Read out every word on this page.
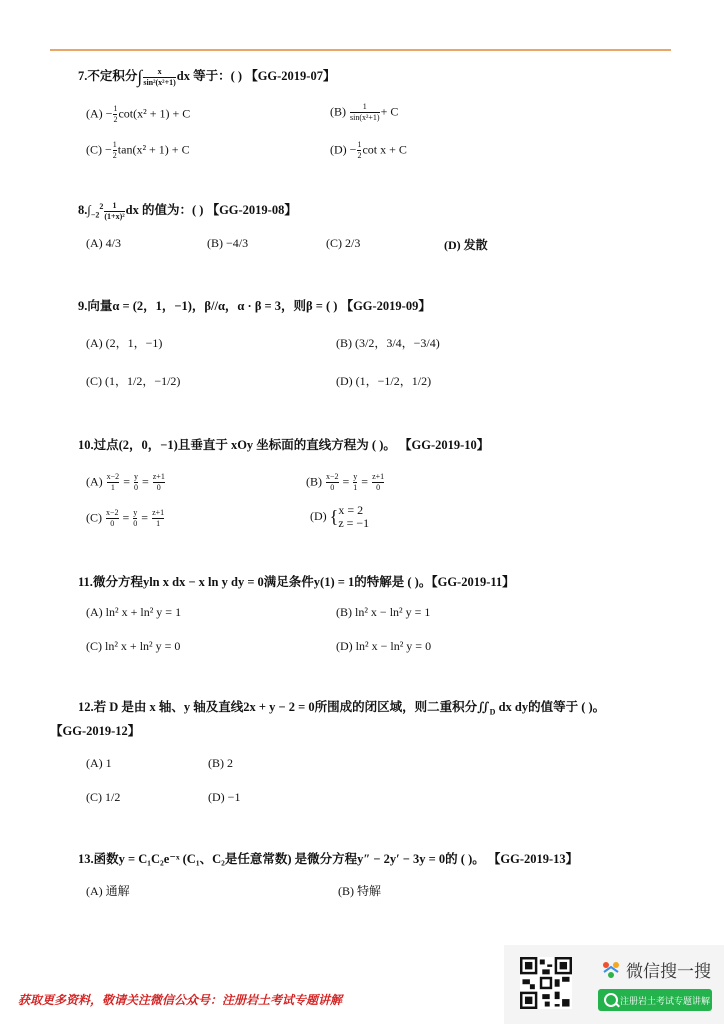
7.不定积分∫ $\frac{x}{\text{sin²(x²+1)}}$ dx 等于：( ) 【GG-2019-07】
$(A) - \frac{1}{2} \cot(x^2 + 1) + C$	$(B) \frac{1}{\text{sin(x²+1)}} + C$
$(C) - \frac{1}{2} \tan(x^2 + 1) + C$	$(D) - \frac{1}{2}$ cot x + C
$8.\int_{-2}^2 \frac{1}{\text{(1+x)²}}$ dx 的值为：( ) 【GG-2019-08】
(A) 4/3	(B) −4/3	(C) 2/3	(D) 发散
9.向量α = (2，1，−1)，β//α，α · β = 3，则β = ( ) 【GG-2019-09】
(A) (2，1，−1)	(B) (3/2，3/4，−3/4)
(C) (1，1/2，−1/2)	(D) (1，−1/2，1/2)
10.过点(2，0，−1)且垂直于 xOy 坐标面的直线方程为 ( )。 【GG-2019-10】
$(A) \frac{x-2}{1} = \frac{y}{0} = \frac{z+1}{0}$	$(B) \frac{x-2}{0} = \frac{y}{1} = \frac{z+1}{0}$
$(C) \frac{x-2}{0} = \frac{y}{0} = \frac{z+1}{1}$	(D) { x = 2
z = −1
11.微分方程yln x dx − x ln y dy = 0满足条件y(1) = 1的特解是 ( )。【GG-2019-11】
(A) ln² x + ln² y = 1	(B) ln² x − ln² y = 1
(C) ln² x + ln² y = 0	(D) ln² x − ln² y = 0
12.若 D 是由 x 轴、y 轴及直线2x + y − 2 = 0所围成的闭区域，则二重积分$∬_D$ dx dy的值等于 ( )。
【GG-2019-12】
(A) 1	(B) 2
(C) 1/2	(D) −1
13.函数y = C₁C₂e⁻ˣ (C₁、C₂是任意常数) 是微分方程y″ − 2y′ − 3y = 0的 ( )。 【GG-2019-13】
(A) 通解	(B) 特解
获取更多资料，敬请关注微信公众号：注册岩土考试专题讲解
微信搜一搜
注册岩土考试专题讲解
